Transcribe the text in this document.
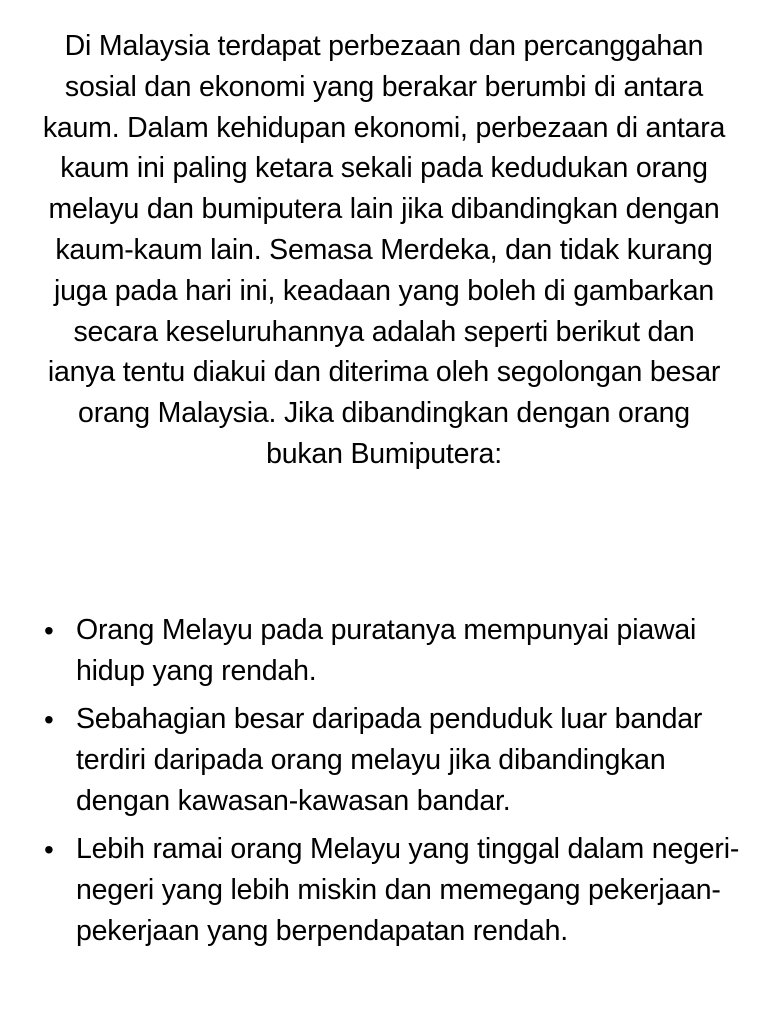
Di Malaysia terdapat perbezaan dan percanggahan sosial dan ekonomi yang berakar berumbi di antara kaum. Dalam kehidupan ekonomi, perbezaan di antara kaum ini paling ketara sekali pada kedudukan orang melayu dan bumiputera lain jika dibandingkan dengan kaum-kaum lain. Semasa Merdeka, dan tidak kurang juga pada hari ini, keadaan yang boleh di gambarkan secara keseluruhannya adalah seperti berikut dan ianya tentu diakui dan diterima oleh segolongan besar orang Malaysia. Jika dibandingkan dengan orang bukan Bumiputera:

• Orang Melayu pada puratanya mempunyai piawai hidup yang rendah.
• Sebahagian besar daripada penduduk luar bandar terdiri daripada orang melayu jika dibandingkan dengan kawasan-kawasan bandar.
• Lebih ramai orang Melayu yang tinggal dalam negeri-negeri yang lebih miskin dan memegang pekerjaan-pekerjaan yang berpendapatan rendah.
